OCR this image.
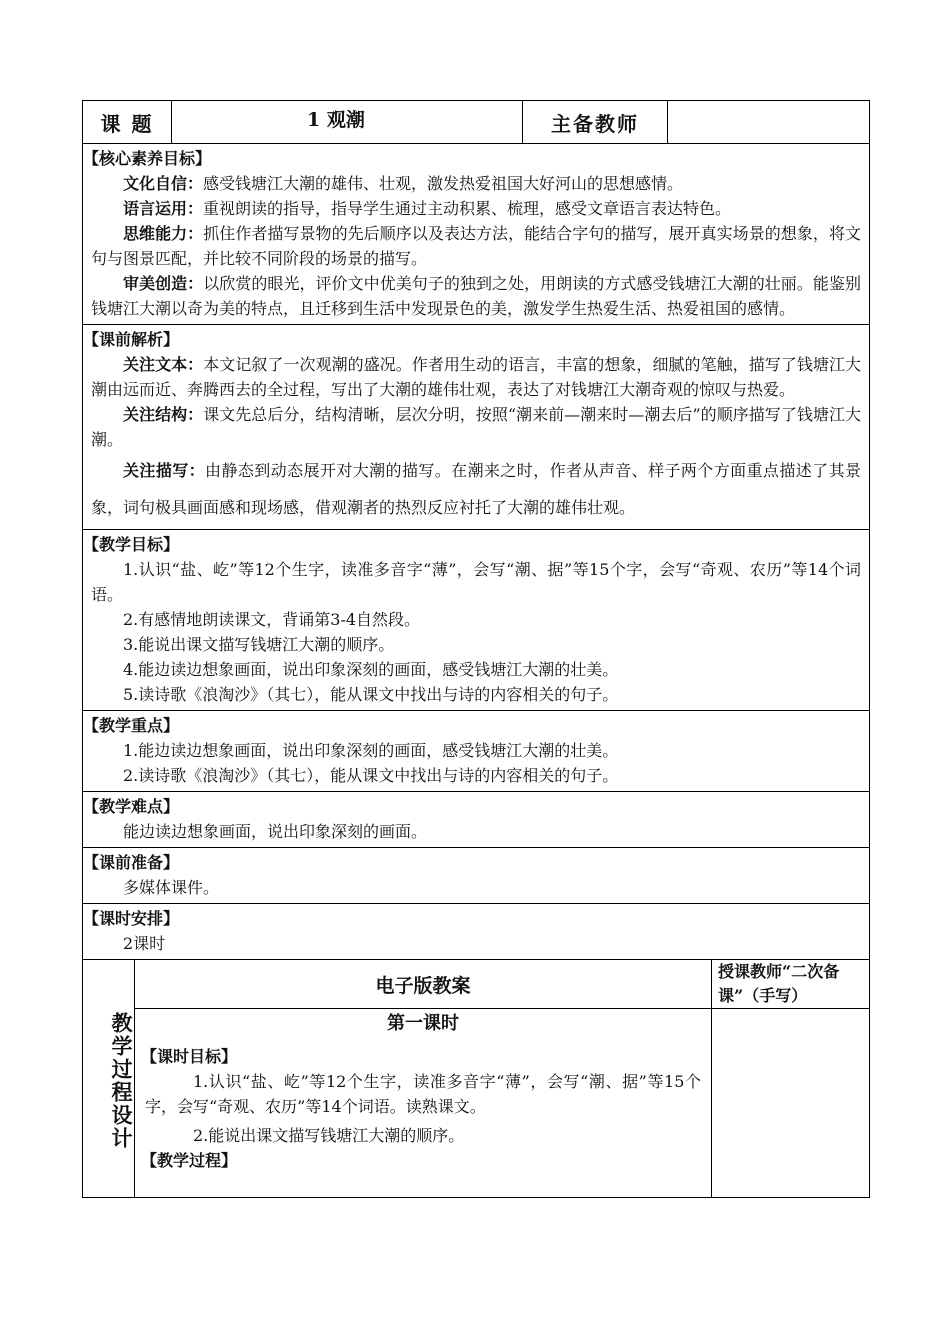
课 题	1 观潮	主备教师	

【核心素养目标】

文化自信：感受钱塘江大潮的雄伟、壮观，激发热爱祖国大好河山的思想感情。

语言运用：重视朗读的指导，指导学生通过主动积累、梳理，感受文章语言表达特色。

思维能力：抓住作者描写景物的先后顺序以及表达方法，能结合字句的描写，展开真实场景的想象，将文句与图景匹配，并比较不同阶段的场景的描写。

审美创造：以欣赏的眼光，评价文中优美句子的独到之处，用朗读的方式感受钱塘江大潮的壮丽。能鉴别钱塘江大潮以奇为美的特点，且迁移到生活中发现景色的美，激发学生热爱生活、热爱祖国的感情。

【课前解析】

关注文本：本文记叙了一次观潮的盛况。作者用生动的语言，丰富的想象，细腻的笔触，描写了钱塘江大潮由远而近、奔腾西去的全过程，写出了大潮的雄伟壮观，表达了对钱塘江大潮奇观的惊叹与热爱。

关注结构：课文先总后分，结构清晰，层次分明，按照“潮来前—潮来时—潮去后”的顺序描写了钱塘江大潮。

关注描写：由静态到动态展开对大潮的描写。在潮来之时，作者从声音、样子两个方面重点描述了其景象，词句极具画面感和现场感，借观潮者的热烈反应衬托了大潮的雄伟壮观。

【教学目标】

1.认识“盐、屹”等12个生字，读准多音字“薄”，会写“潮、据”等15个字，会写“奇观、农历”等14个词语。

2.有感情地朗读课文，背诵第3-4自然段。

3.能说出课文描写钱塘江大潮的顺序。

4.能边读边想象画面，说出印象深刻的画面，感受钱塘江大潮的壮美。

5.读诗歌《浪淘沙》（其七），能从课文中找出与诗的内容相关的句子。

【教学重点】

1.能边读边想象画面，说出印象深刻的画面，感受钱塘江大潮的壮美。

2.读诗歌《浪淘沙》（其七），能从课文中找出与诗的内容相关的句子。

【教学难点】

能边读边想象画面，说出印象深刻的画面。

【课前准备】

多媒体课件。

【课时安排】

2课时

教学过程设计	电子版教案	授课教师“二次备课”（手写）

	第一课时
【课时目标】

1.认识“盐、屹”等12个生字，读准多音字“薄”，会写“潮、据”等15个字，会写“奇观、农历”等14个词语。读熟课文。

2.能说出课文描写钱塘江大潮的顺序。

【教学过程】	
